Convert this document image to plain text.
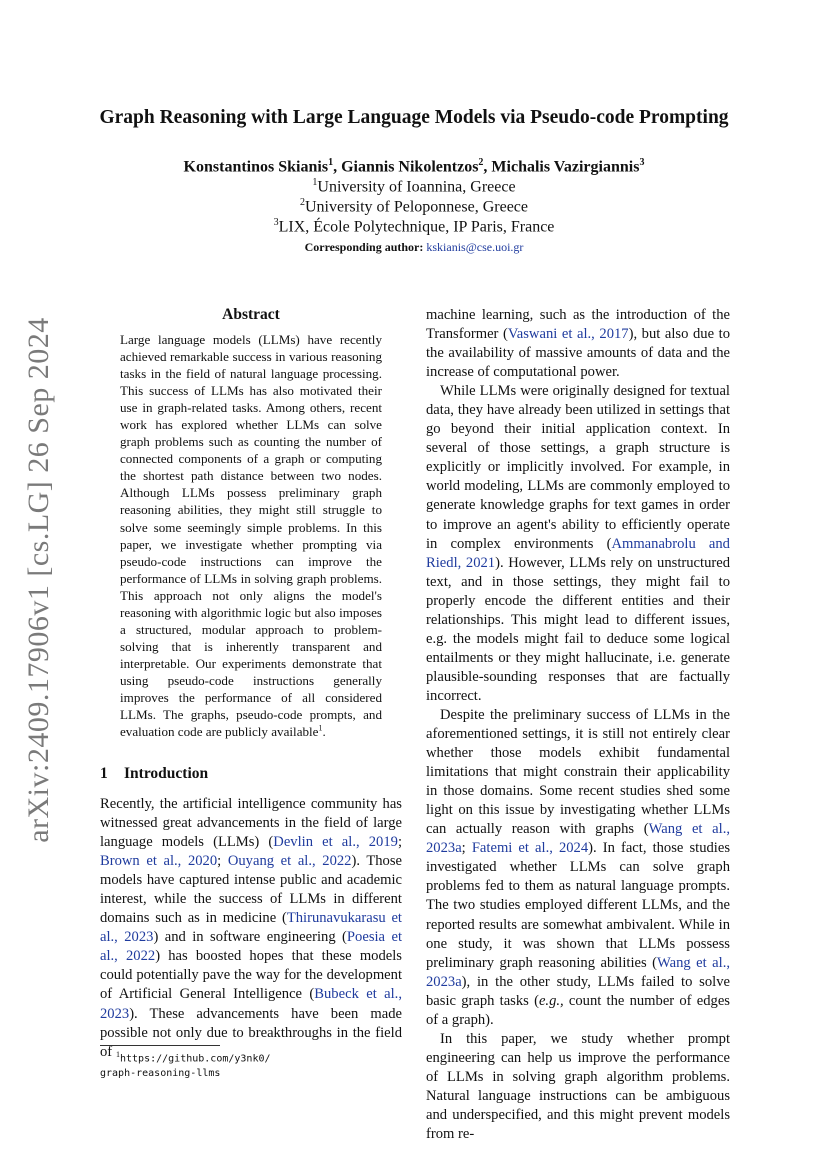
arXiv:2409.17906v1 [cs.LG] 26 Sep 2024
Graph Reasoning with Large Language Models via Pseudo-code Prompting
Konstantinos Skianis$^1$, Giannis Nikolentzos$^2$, Michalis Vazirgiannis$^3$
$^1$University of Ioannina, Greece
$^2$University of Peloponnese, Greece
$^3$LIX, École Polytechnique, IP Paris, France
Corresponding author: kskianis@cse.uoi.gr
Abstract
Large language models (LLMs) have recently achieved remarkable success in various reasoning tasks in the field of natural language processing. This success of LLMs has also motivated their use in graph-related tasks. Among others, recent work has explored whether LLMs can solve graph problems such as counting the number of connected components of a graph or computing the shortest path distance between two nodes. Although LLMs possess preliminary graph reasoning abilities, they might still struggle to solve some seemingly simple problems. In this paper, we investigate whether prompting via pseudo-code instructions can improve the performance of LLMs in solving graph problems. This approach not only aligns the model's reasoning with algorithmic logic but also imposes a structured, modular approach to problem-solving that is inherently transparent and interpretable. Our experiments demonstrate that using pseudo-code instructions generally improves the performance of all considered LLMs. The graphs, pseudo-code prompts, and evaluation code are publicly available$^1$.
1 Introduction

Recently, the artificial intelligence community has witnessed great advancements in the field of large language models (LLMs) (Devlin et al., 2019; Brown et al., 2020; Ouyang et al., 2022). Those models have captured intense public and academic interest, while the success of LLMs in different domains such as in medicine (Thirunavukarasu et al., 2023) and in software engineering (Poesia et al., 2022) has boosted hopes that these models could potentially pave the way for the development of Artificial General Intelligence (Bubeck et al., 2023). These advancements have been made possible not only due to breakthroughs in the field of $^1$https://github.com/y3nk0/
graph-reasoning-llms

machine learning, such as the introduction of the Transformer (Vaswani et al., 2017), but also due to the availability of massive amounts of data and the increase of computational power.

While LLMs were originally designed for textual data, they have already been utilized in settings that go beyond their initial application context. In several of those settings, a graph structure is explicitly or implicitly involved. For example, in world modeling, LLMs are commonly employed to generate knowledge graphs for text games in order to improve an agent's ability to efficiently operate in complex environments (Ammanabrolu and Riedl, 2021). However, LLMs rely on unstructured text, and in those settings, they might fail to properly encode the different entities and their relationships. This might lead to different issues, e.g. the models might fail to deduce some logical entailments or they might hallucinate, i.e. generate plausible-sounding responses that are factually incorrect.

Despite the preliminary success of LLMs in the aforementioned settings, it is still not entirely clear whether those models exhibit fundamental limitations that might constrain their applicability in those domains. Some recent studies shed some light on this issue by investigating whether LLMs can actually reason with graphs (Wang et al., 2023a; Fatemi et al., 2024). In fact, those studies investigated whether LLMs can solve graph problems fed to them as natural language prompts. The two studies employed different LLMs, and the reported results are somewhat ambivalent. While in one study, it was shown that LLMs possess preliminary graph reasoning abilities (Wang et al., 2023a), in the other study, LLMs failed to solve basic graph tasks (e.g., count the number of edges of a graph).

In this paper, we study whether prompt engineering can help us improve the performance of LLMs in solving graph algorithm problems. Natural language instructions can be ambiguous and underspecified, and this might prevent models from re-
